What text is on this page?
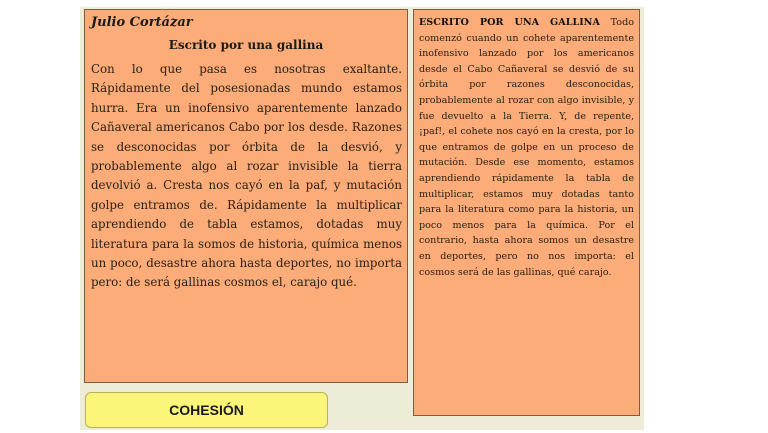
Julio Cortázar

Escrito por una gallina

Con lo que pasa es nosotras exaltante. Rápidamente del posesionadas mundo estamos hurra. Era un inofensivo aparentemente lanzado Cañaveral americanos Cabo por los desde. Razones se desconocidas por órbita de la desvió, y probablemente algo al rozar invisible la tierra devolvió a. Cresta nos cayó en la paf, y mutación golpe entramos de. Rápidamente la multiplicar aprendiendo de tabla estamos, dotadas muy literatura para la somos de historia, química menos un poco, desastre ahora hasta deportes, no importa pero: de será gallinas cosmos el, carajo qué.

ESCRITO POR UNA GALLINA Todo comenzó cuando un cohete aparentemente inofensivo lanzado por los americanos desde el Cabo Cañaveral se desvió de su órbita por razones desconocidas, probablemente al rozar con algo invisible, y fue devuelto a la Tierra. Y, de repente, ¡paf!, el cohete nos cayó en la cresta, por lo que entramos de golpe en un proceso de mutación. Desde ese momento, estamos aprendiendo rápidamente la tabla de multiplicar, estamos muy dotadas tanto para la literatura como para la historia, un poco menos para la química. Por el contrario, hasta ahora somos un desastre en deportes, pero no nos importa: el cosmos será de las gallinas, qué carajo.

COHESIÓN
